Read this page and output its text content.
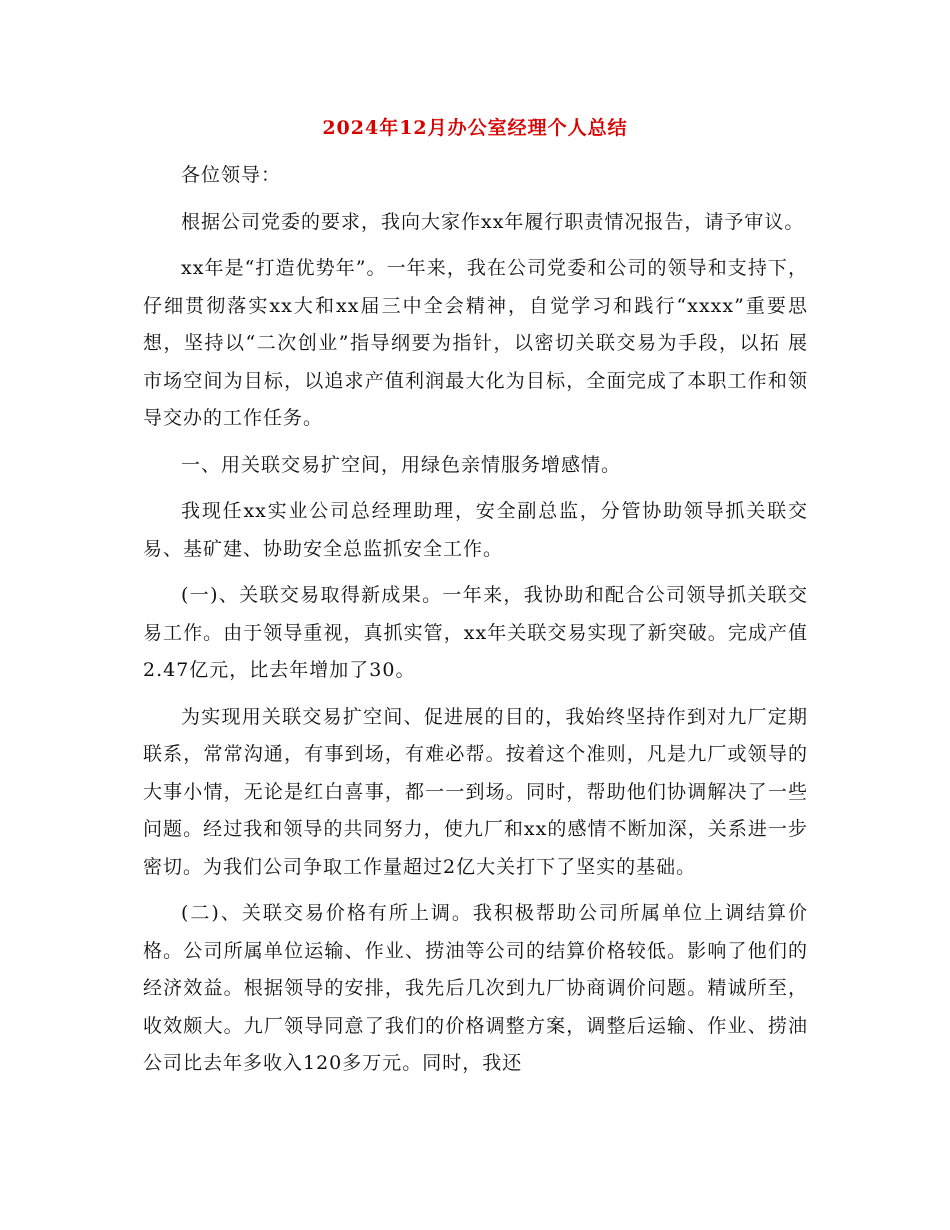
2024年12月办公室经理个人总结

各位领导：

根据公司党委的要求，我向大家作xx年履行职责情况报告，请予审议。

xx年是“打造优势年”。一年来，我在公司党委和公司的领导和支持下，仔细贯彻落实xx大和xx届三中全会精神，自觉学习和践行“xxxx”重要思想，坚持以“二次创业”指导纲要为指针，以密切关联交易为手段，以拓 展市场空间为目标，以追求产值利润最大化为目标，全面完成了本职工作和领导交办的工作任务。

一、用关联交易扩空间，用绿色亲情服务增感情。

我现任xx实业公司总经理助理，安全副总监，分管协助领导抓关联交易、基矿建、协助安全总监抓安全工作。

(一)、关联交易取得新成果。一年来，我协助和配合公司领导抓关联交易工作。由于领导重视，真抓实管，xx年关联交易实现了新突破。完成产值2.47亿元，比去年增加了30。

为实现用关联交易扩空间、促进展的目的，我始终坚持作到对九厂定期联系，常常沟通，有事到场，有难必帮。按着这个准则，凡是九厂或领导的大事小情，无论是红白喜事，都一一到场。同时，帮助他们协调解决了一些问题。经过我和领导的共同努力，使九厂和xx的感情不断加深，关系进一步密切。为我们公司争取工作量超过2亿大关打下了坚实的基础。

(二)、关联交易价格有所上调。我积极帮助公司所属单位上调结算价格。公司所属单位运输、作业、捞油等公司的结算价格较低。影响了他们的经济效益。根据领导的安排，我先后几次到九厂协商调价问题。精诚所至，收效颇大。九厂领导同意了我们的价格调整方案，调整后运输、作业、捞油公司比去年多收入120多万元。同时，我还
